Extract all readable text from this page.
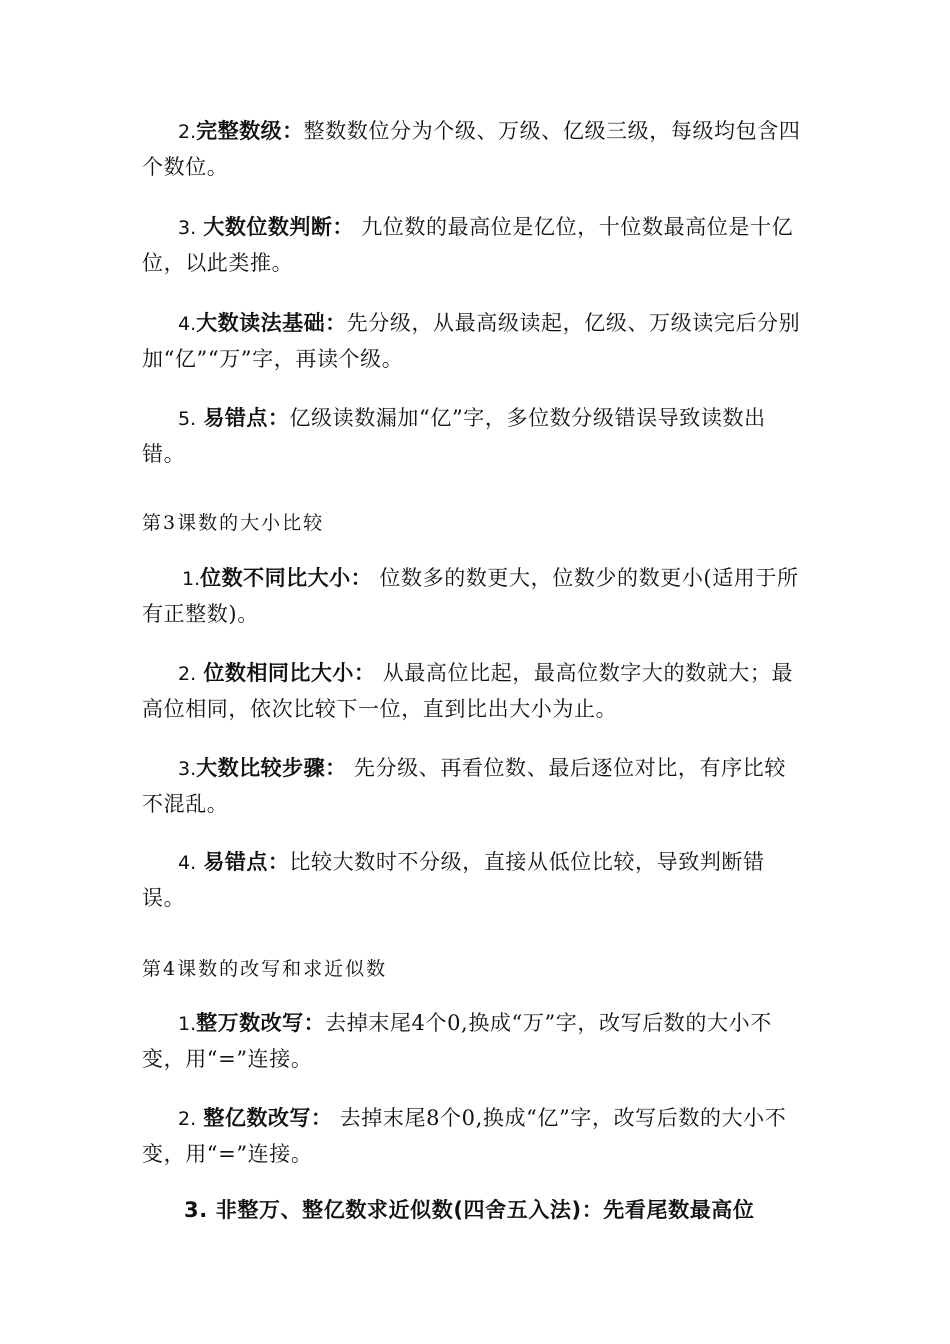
2.完整数级：整数数位分为个级、万级、亿级三级，每级均包含四个数位。

3. 大数位数判断： 九位数的最高位是亿位，十位数最高位是十亿位，以此类推。

4.大数读法基础：先分级，从最高级读起，亿级、万级读完后分别加“亿”“万”字，再读个级。

5. 易错点：亿级读数漏加“亿”字，多位数分级错误导致读数出错。

第3课数的大小比较

1.位数不同比大小： 位数多的数更大，位数少的数更小(适用于所有正整数)。

2. 位数相同比大小： 从最高位比起，最高位数字大的数就大；最高位相同，依次比较下一位，直到比出大小为止。

3.大数比较步骤： 先分级、再看位数、最后逐位对比，有序比较不混乱。

4. 易错点：比较大数时不分级，直接从低位比较，导致判断错误。

第4课数的改写和求近似数

1.整万数改写：去掉末尾4个0,换成“万”字，改写后数的大小不变，用“=”连接。

2. 整亿数改写： 去掉末尾8个0,换成“亿”字，改写后数的大小不变，用“=”连接。

3. 非整万、整亿数求近似数(四舍五入法)：先看尾数最高位
